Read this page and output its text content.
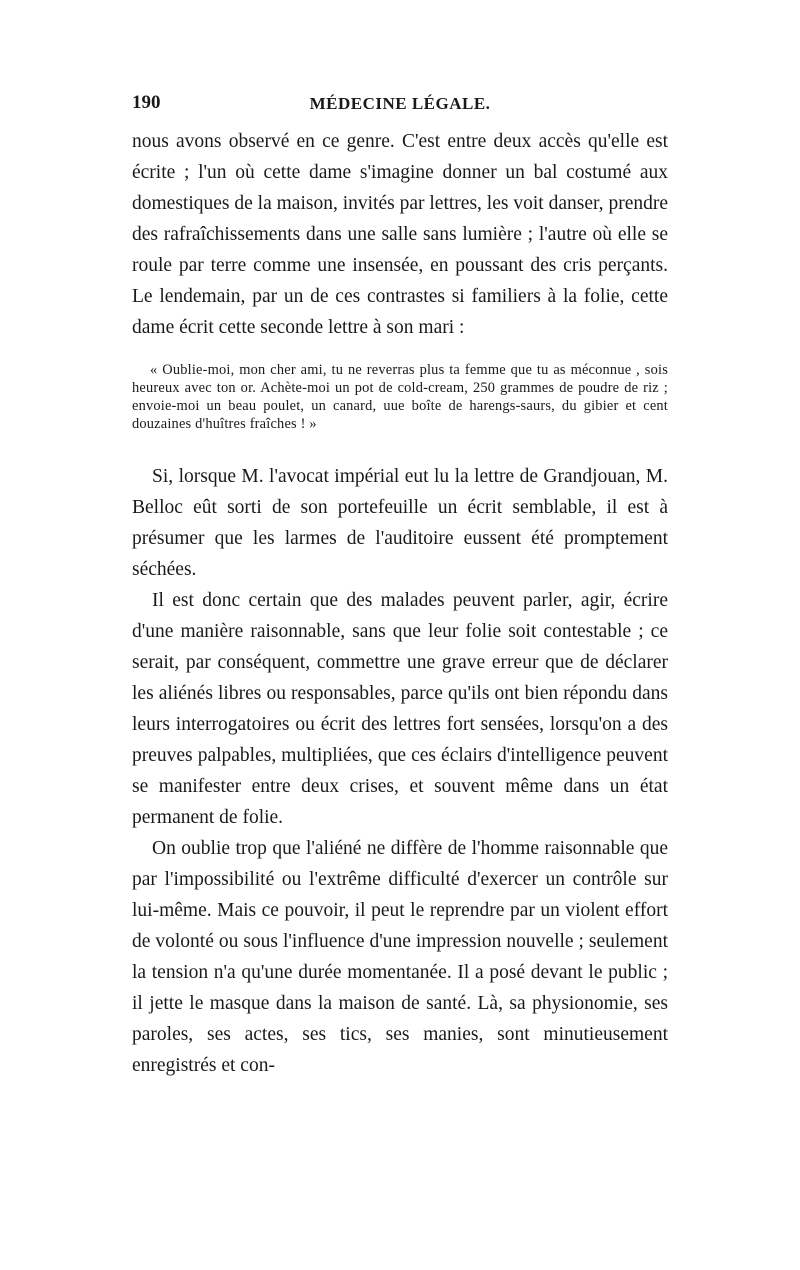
190	MÉDECINE LÉGALE.

nous avons observé en ce genre. C'est entre deux accès qu'elle est écrite ; l'un où cette dame s'imagine donner un bal costumé aux domestiques de la maison, invités par lettres, les voit danser, prendre des rafraîchissements dans une salle sans lumière ; l'autre où elle se roule par terre comme une insensée, en poussant des cris perçants. Le lendemain, par un de ces contrastes si familiers à la folie, cette dame écrit cette seconde lettre à son mari :

« Oublie-moi, mon cher ami, tu ne reverras plus ta femme que tu as méconnue , sois heureux avec ton or. Achète-moi un pot de cold-cream, 250 grammes de poudre de riz ; envoie-moi un beau poulet, un canard, uue boîte de harengs-saurs, du gibier et cent douzaines d'huîtres fraîches ! »

Si, lorsque M. l'avocat impérial eut lu la lettre de Grandjouan, M. Belloc eût sorti de son portefeuille un écrit semblable, il est à présumer que les larmes de l'auditoire eussent été promptement séchées.

Il est donc certain que des malades peuvent parler, agir, écrire d'une manière raisonnable, sans que leur folie soit contestable ; ce serait, par conséquent, commettre une grave erreur que de déclarer les aliénés libres ou responsables, parce qu'ils ont bien répondu dans leurs interrogatoires ou écrit des lettres fort sensées, lorsqu'on a des preuves palpables, multipliées, que ces éclairs d'intelligence peuvent se manifester entre deux crises, et souvent même dans un état permanent de folie.

On oublie trop que l'aliéné ne diffère de l'homme raisonnable que par l'impossibilité ou l'extrême difficulté d'exercer un contrôle sur lui-même. Mais ce pouvoir, il peut le reprendre par un violent effort de volonté ou sous l'influence d'une impression nouvelle ; seulement la tension n'a qu'une durée momentanée. Il a posé devant le public ; il jette le masque dans la maison de santé. Là, sa physionomie, ses paroles, ses actes, ses tics, ses manies, sont minutieusement enregistrés et con-
